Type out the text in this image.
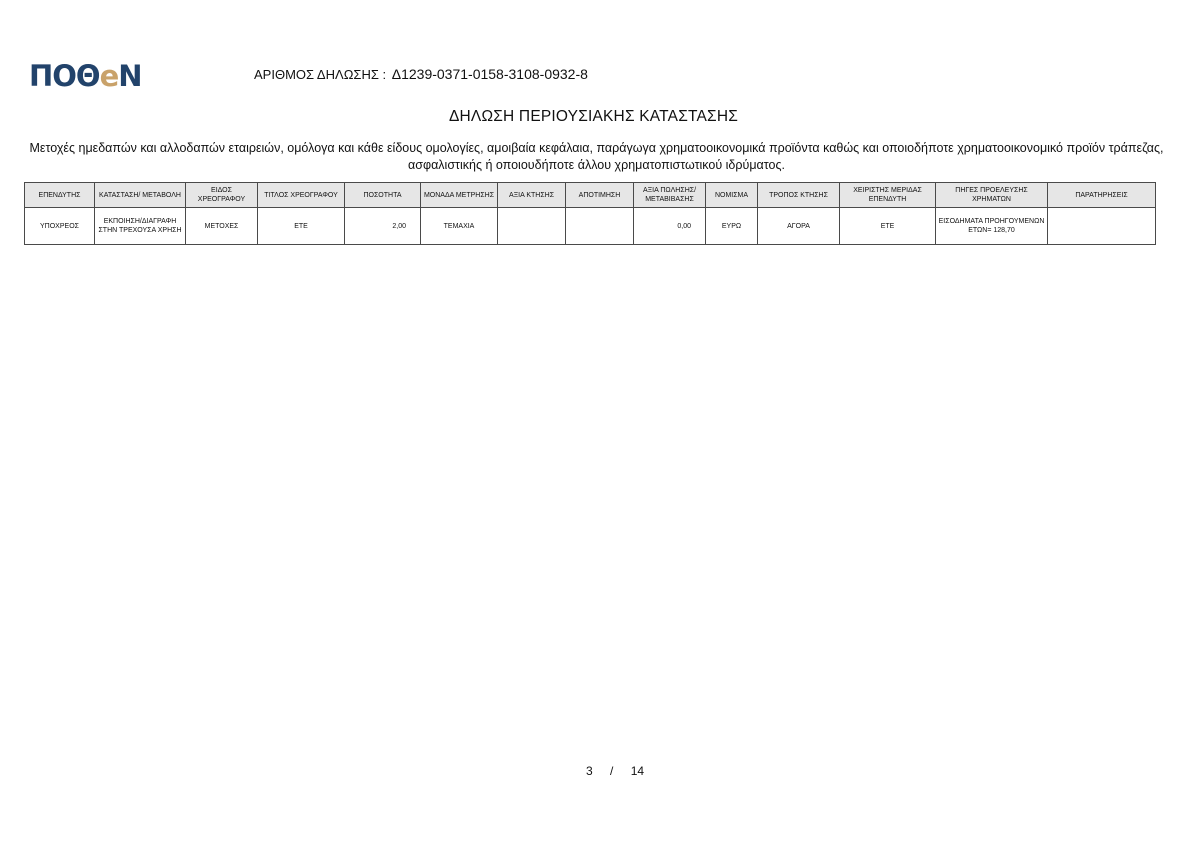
ΠΟΘeΝ	ΑΡΙΘΜΟΣ ΔΗΛΩΣΗΣ : Δ1239-0371-0158-3108-0932-8
ΔΗΛΩΣΗ ΠΕΡΙΟΥΣΙΑΚΗΣ ΚΑΤΑΣΤΑΣΗΣ
Μετοχές ημεδαπών και αλλοδαπών εταιρειών, ομόλογα και κάθε είδους ομολογίες, αμοιβαία κεφάλαια, παράγωγα χρηματοοικονομικά προϊόντα καθώς και οποιοδήποτε χρηματοοικονομικό προϊόν τράπεζας, ασφαλιστικής ή οποιουδήποτε άλλου χρηματοπιστωτικού ιδρύματος.
ΕΠΕΝΔΥΤΗΣ	ΚΑΤΑΣΤΑΣΗ/ ΜΕΤΑΒΟΛΗ	ΕΙΔΟΣ ΧΡΕΟΓΡΑΦΟΥ	ΤΙΤΛΟΣ ΧΡΕΟΓΡΑΦΟΥ	ΠΟΣΟΤΗΤΑ	ΜΟΝΑΔΑ ΜΕΤΡΗΣΗΣ	ΑΞΙΑ ΚΤΗΣΗΣ	ΑΠΟΤΙΜΗΣΗ	ΑΞΙΑ ΠΩΛΗΣΗΣ/ ΜΕΤΑΒΙΒΑΣΗΣ	ΝΟΜΙΣΜΑ	ΤΡΟΠΟΣ ΚΤΗΣΗΣ	ΧΕΙΡΙΣΤΗΣ ΜΕΡΙΔΑΣ ΕΠΕΝΔΥΤΗ	ΠΗΓΕΣ ΠΡΟΕΛΕΥΣΗΣ ΧΡΗΜΑΤΩΝ	ΠΑΡΑΤΗΡΗΣΕΙΣ
ΥΠΟΧΡΕΟΣ	ΕΚΠΟΙΗΣΗ/ΔΙΑΓΡΑΦΗ ΣΤΗΝ ΤΡΕΧΟΥΣΑ ΧΡΗΣΗ	ΜΕΤΟΧΕΣ	ΕΤΕ	2,00	ΤΕΜΑΧΙΑ			0,00	ΕΥΡΩ	ΑΓΟΡΑ	ΕΤΕ	ΕΙΣΟΔΗΜΑΤΑ ΠΡΟΗΓΟΥΜΕΝΩΝ ΕΤΩΝ= 128,70	
3 / 14
